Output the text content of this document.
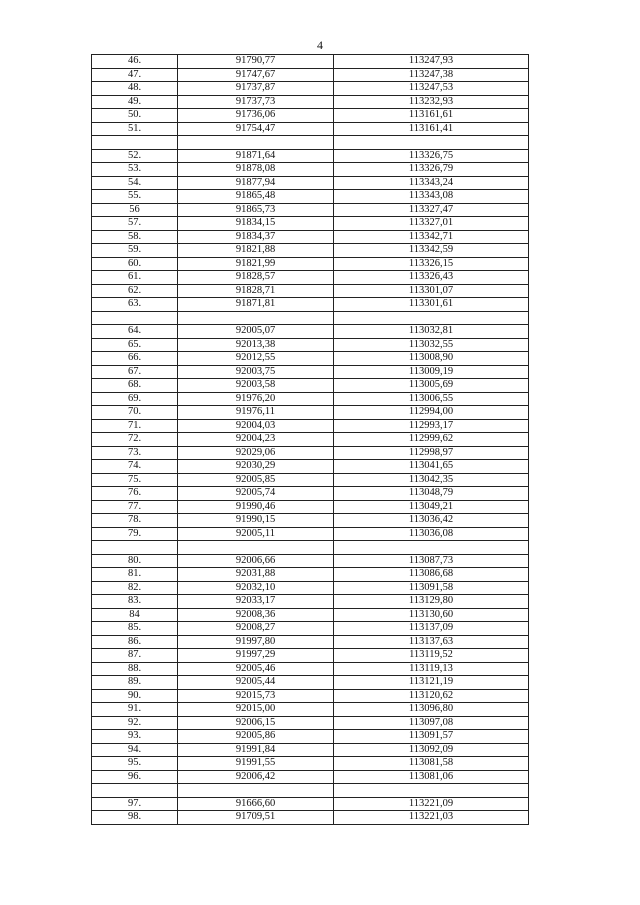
4
46.	91790,77	113247,93
47.	91747,67	113247,38
48.	91737,87	113247,53
49.	91737,73	113232,93
50.	91736,06	113161,61
51.	91754,47	113161,41

52.	91871,64	113326,75
53.	91878,08	113326,79
54.	91877,94	113343,24
55.	91865,48	113343,08
56	91865,73	113327,47
57.	91834,15	113327,01
58.	91834,37	113342,71
59.	91821,88	113342,59
60.	91821,99	113326,15
61.	91828,57	113326,43
62.	91828,71	113301,07
63.	91871,81	113301,61

64.	92005,07	113032,81
65.	92013,38	113032,55
66.	92012,55	113008,90
67.	92003,75	113009,19
68.	92003,58	113005,69
69.	91976,20	113006,55
70.	91976,11	112994,00
71.	92004,03	112993,17
72.	92004,23	112999,62
73.	92029,06	112998,97
74.	92030,29	113041,65
75.	92005,85	113042,35
76.	92005,74	113048,79
77.	91990,46	113049,21
78.	91990,15	113036,42
79.	92005,11	113036,08

80.	92006,66	113087,73
81.	92031,88	113086,68
82.	92032,10	113091,58
83.	92033,17	113129,80
84	92008,36	113130,60
85.	92008,27	113137,09
86.	91997,80	113137,63
87.	91997,29	113119,52
88.	92005,46	113119,13
89.	92005,44	113121,19
90.	92015,73	113120,62
91.	92015,00	113096,80
92.	92006,15	113097,08
93.	92005,86	113091,57
94.	91991,84	113092,09
95.	91991,55	113081,58
96.	92006,42	113081,06

97.	91666,60	113221,09
98.	91709,51	113221,03
